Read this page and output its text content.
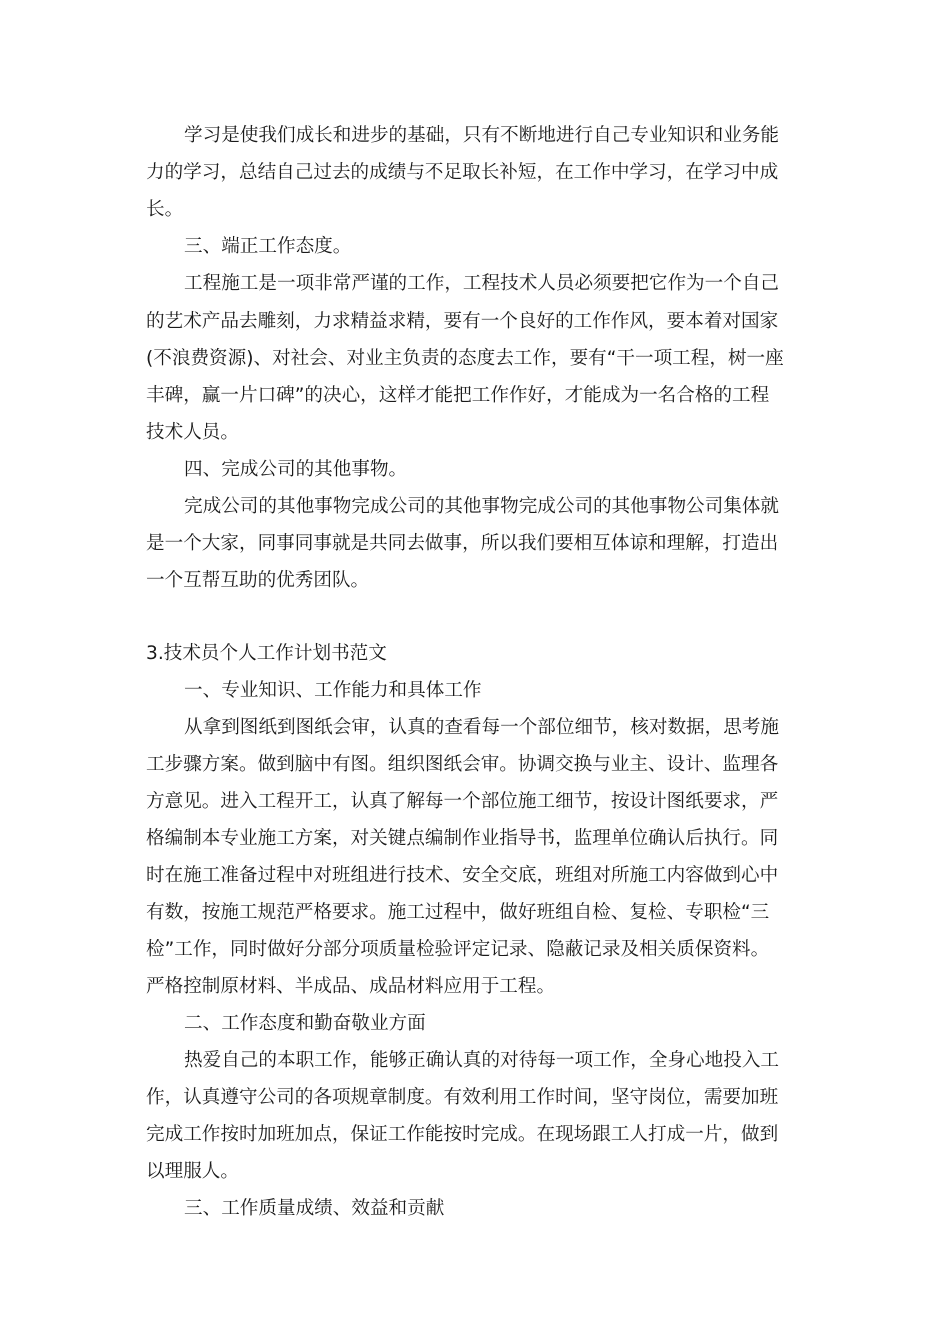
学习是使我们成长和进步的基础，只有不断地进行自己专业知识和业务能
力的学习，总结自己过去的成绩与不足取长补短，在工作中学习，在学习中成
长。
三、端正工作态度。
工程施工是一项非常严谨的工作，工程技术人员必须要把它作为一个自己
的艺术产品去雕刻，力求精益求精，要有一个良好的工作作风，要本着对国家
(不浪费资源)、对社会、对业主负责的态度去工作，要有“干一项工程，树一座
丰碑，赢一片口碑”的决心，这样才能把工作作好，才能成为一名合格的工程
技术人员。
四、完成公司的其他事物。
完成公司的其他事物完成公司的其他事物完成公司的其他事物公司集体就
是一个大家，同事同事就是共同去做事，所以我们要相互体谅和理解，打造出
一个互帮互助的优秀团队。
3.技术员个人工作计划书范文
一、专业知识、工作能力和具体工作
从拿到图纸到图纸会审，认真的查看每一个部位细节，核对数据，思考施
工步骤方案。做到脑中有图。组织图纸会审。协调交换与业主、设计、监理各
方意见。进入工程开工，认真了解每一个部位施工细节，按设计图纸要求，严
格编制本专业施工方案，对关键点编制作业指导书，监理单位确认后执行。同
时在施工准备过程中对班组进行技术、安全交底，班组对所施工内容做到心中
有数，按施工规范严格要求。施工过程中，做好班组自检、复检、专职检“三
检”工作，同时做好分部分项质量检验评定记录、隐蔽记录及相关质保资料。
严格控制原材料、半成品、成品材料应用于工程。
二、工作态度和勤奋敬业方面
热爱自己的本职工作，能够正确认真的对待每一项工作，全身心地投入工
作，认真遵守公司的各项规章制度。有效利用工作时间，坚守岗位，需要加班
完成工作按时加班加点，保证工作能按时完成。在现场跟工人打成一片，做到
以理服人。
三、工作质量成绩、效益和贡献
